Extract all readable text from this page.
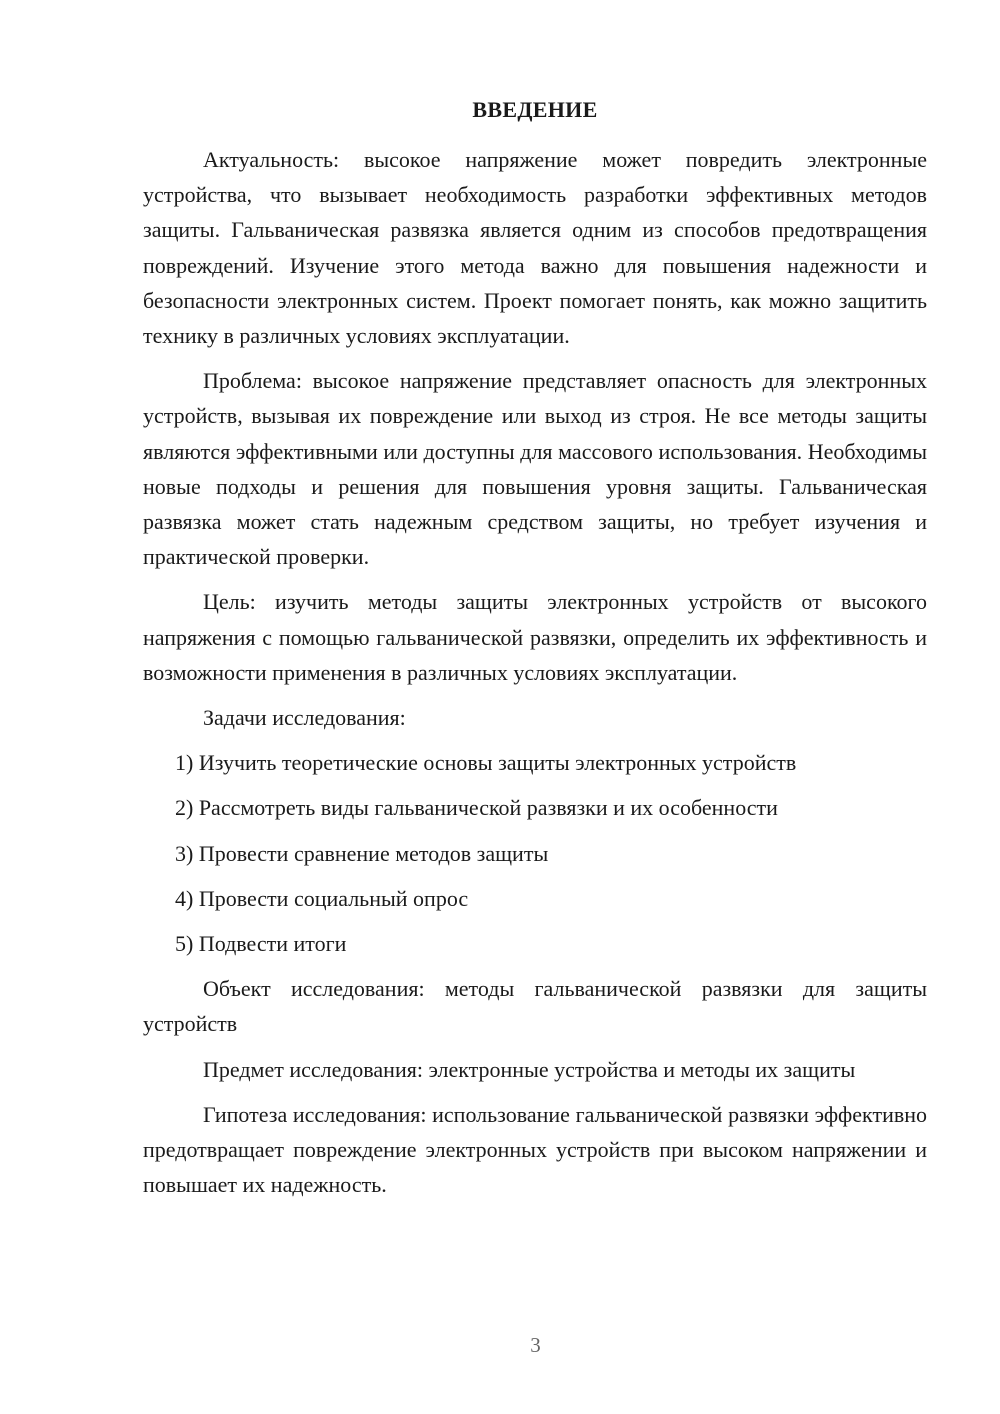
ВВЕДЕНИЕ

Актуальность: высокое напряжение может повредить электронные устройства, что вызывает необходимость разработки эффективных методов защиты. Гальваническая развязка является одним из способов предотвращения повреждений. Изучение этого метода важно для повышения надежности и безопасности электронных систем. Проект помогает понять, как можно защитить технику в различных условиях эксплуатации.

Проблема: высокое напряжение представляет опасность для электронных устройств, вызывая их повреждение или выход из строя. Не все методы защиты являются эффективными или доступны для массового использования. Необходимы новые подходы и решения для повышения уровня защиты. Гальваническая развязка может стать надежным средством защиты, но требует изучения и практической проверки.

Цель: изучить методы защиты электронных устройств от высокого напряжения с помощью гальванической развязки, определить их эффективность и возможности применения в различных условиях эксплуатации.

Задачи исследования:

1) Изучить теоретические основы защиты электронных устройств
2) Рассмотреть виды гальванической развязки и их особенности
3) Провести сравнение методов защиты
4) Провести социальный опрос
5) Подвести итоги

Объект исследования: методы гальванической развязки для защиты устройств

Предмет исследования: электронные устройства и методы их защиты

Гипотеза исследования: использование гальванической развязки эффективно предотвращает повреждение электронных устройств при высоком напряжении и повышает их надежность.

3
